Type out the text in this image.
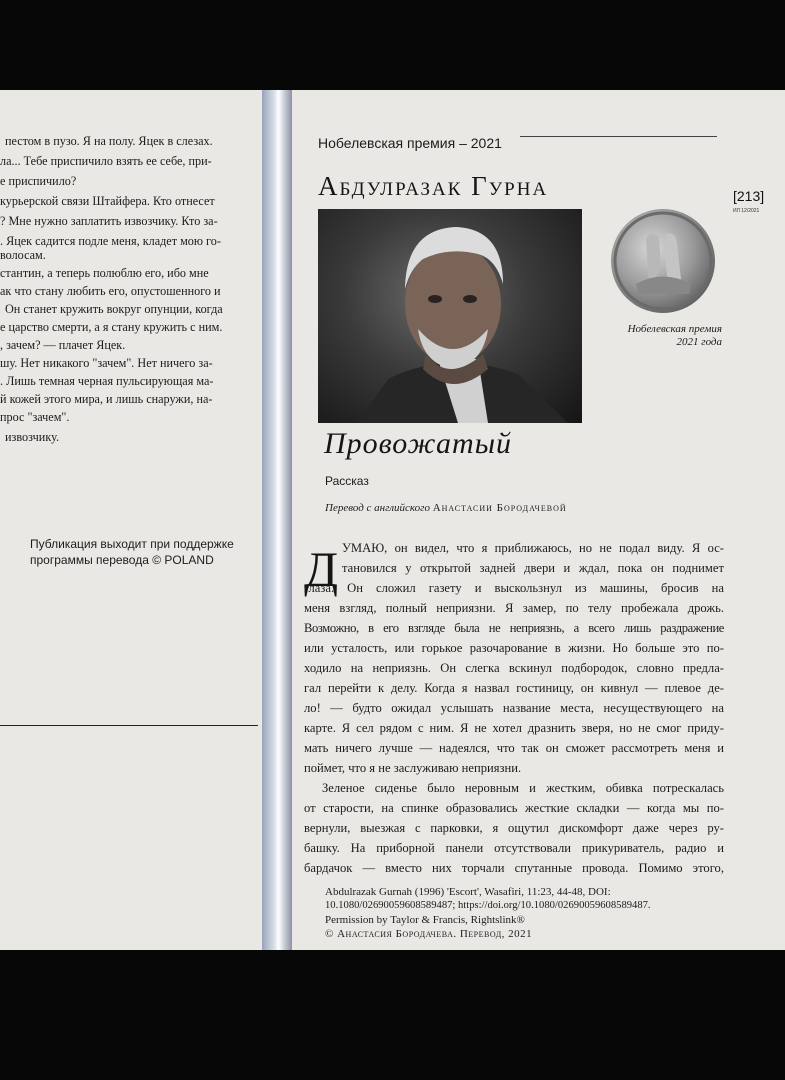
пестом в пузо. Я на полу. Яцек в слезах.
ла... Тебе приспичило взять ее себе, при-
е приспичило?
курьерской связи Штайфера. Кто отнесет
? Мне нужно заплатить извозчику. Кто за-
. Яцек садится подле меня, кладет мою го-
волосам.
стантин, а теперь полюблю его, ибо мне
ак что стану любить его, опустошенного и
Он станет кружить вокруг опунции, когда
е царство смерти, а я стану кружить с ним.
, зачем? — плачет Яцек.
шу. Нет никакого "зачем". Нет ничего за-
. Лишь темная черная пульсирующая ма-
й кожей этого мира, и лишь снаружи, на-
прос "зачем".
извозчику.
Публикация выходит при поддержке
программы перевода © POLAND
Нобелевская премия – 2021
Абдулразак Гурна	[213]
ИЛ 12/2021
Нобелевская премия
2021 года
Провожатый
Рассказ
Перевод с английского Анастасии Бородачевой
Д УМАЮ, он видел, что я приближаюсь, но не подал виду. Я ос-
тановился у открытой задней двери и ждал, пока он поднимет
глаза. Он сложил газету и выскользнул из машины, бросив на
меня взгляд, полный неприязни. Я замер, по телу пробежала дрожь.
Возможно, в его взгляде была не неприязнь, а всего лишь раздражение
или усталость, или горькое разочарование в жизни. Но больше это по-
ходило на неприязнь. Он слегка вскинул подбородок, словно предла-
гал перейти к делу. Когда я назвал гостиницу, он кивнул — плевое де-
ло! — будто ожидал услышать название места, несуществующего на
карте. Я сел рядом с ним. Я не хотел дразнить зверя, но не смог приду-
мать ничего лучше — надеялся, что так он сможет рассмотреть меня и
поймет, что я не заслуживаю неприязни.
Зеленое сиденье было неровным и жестким, обивка потрескалась
от старости, на спинке образовались жесткие складки — когда мы по-
вернули, выезжая с парковки, я ощутил дискомфорт даже через ру-
башку. На приборной панели отсутствовали прикуриватель, радио и
бардачок — вместо них торчали спутанные провода. Помимо этого,
Abdulrazak Gurnah (1996) 'Escort', Wasafiri, 11:23, 44-48, DOI:
10.1080/02690059608589487; https://doi.org/10.1080/02690059608589487.
Permission by Taylor & Francis, Rightslink®
© Анастасия Бородачева. Перевод, 2021
